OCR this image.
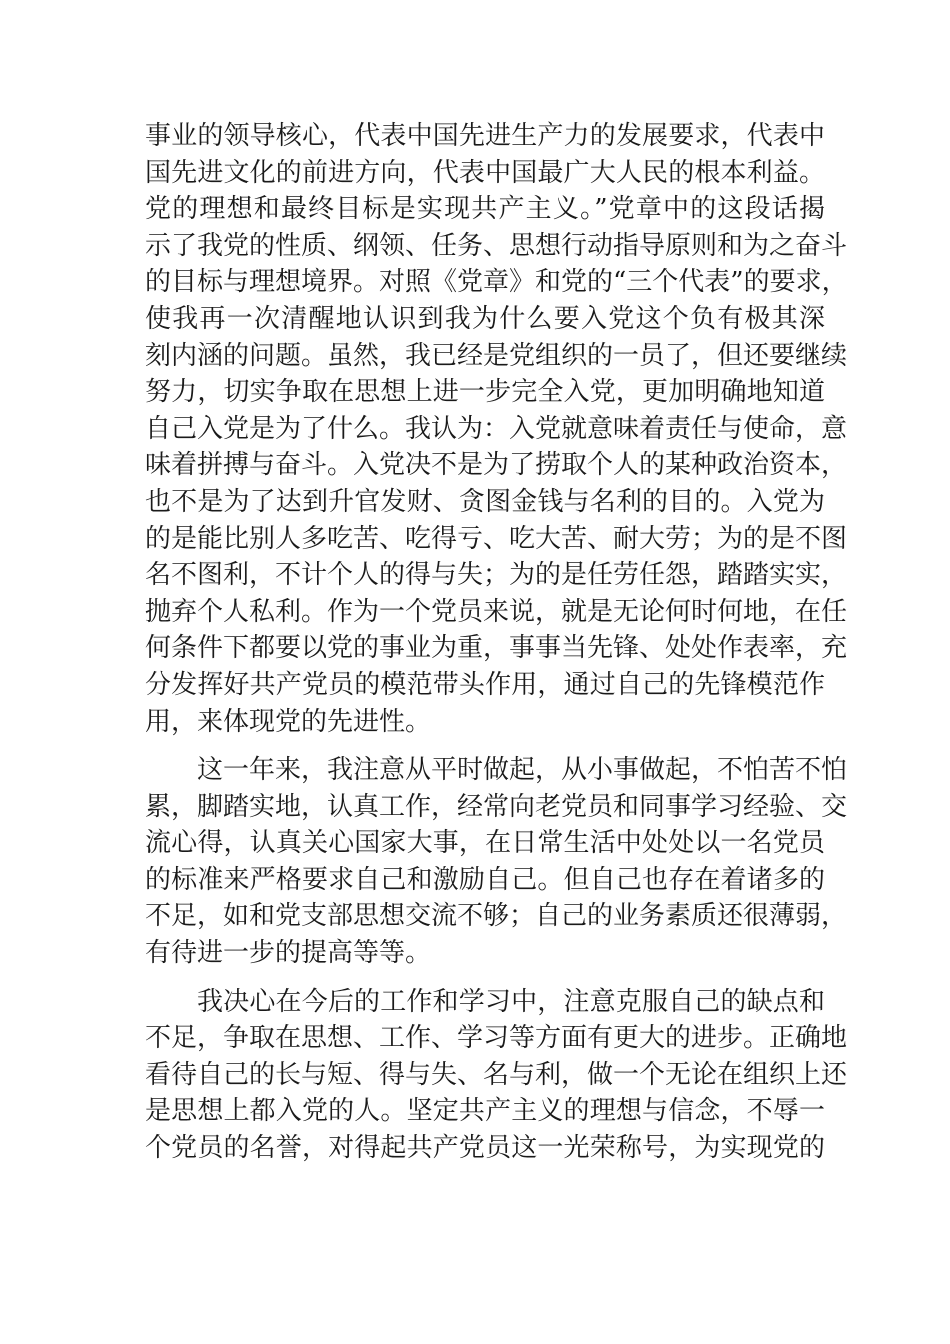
事业的领导核心，代表中国先进生产力的发展要求，代表中
国先进文化的前进方向，代表中国最广大人民的根本利益。
党的理想和最终目标是实现共产主义。”党章中的这段话揭
示了我党的性质、纲领、任务、思想行动指导原则和为之奋斗
的目标与理想境界。对照《党章》和党的“三个代表”的要求，
使我再一次清醒地认识到我为什么要入党这个负有极其深
刻内涵的问题。虽然，我已经是党组织的一员了，但还要继续
努力，切实争取在思想上进一步完全入党，更加明确地知道
自己入党是为了什么。我认为：入党就意味着责任与使命，意
味着拼搏与奋斗。入党决不是为了捞取个人的某种政治资本，
也不是为了达到升官发财、贪图金钱与名利的目的。入党为
的是能比别人多吃苦、吃得亏、吃大苦、耐大劳；为的是不图
名不图利，不计个人的得与失；为的是任劳任怨，踏踏实实，
抛弃个人私利。作为一个党员来说，就是无论何时何地，在任
何条件下都要以党的事业为重，事事当先锋、处处作表率，充
分发挥好共产党员的模范带头作用，通过自己的先锋模范作
用，来体现党的先进性。
这一年来，我注意从平时做起，从小事做起，不怕苦不怕
累，脚踏实地，认真工作，经常向老党员和同事学习经验、交
流心得，认真关心国家大事，在日常生活中处处以一名党员
的标准来严格要求自己和激励自己。但自己也存在着诸多的
不足，如和党支部思想交流不够；自己的业务素质还很薄弱，
有待进一步的提高等等。
我决心在今后的工作和学习中，注意克服自己的缺点和
不足，争取在思想、工作、学习等方面有更大的进步。正确地
看待自己的长与短、得与失、名与利，做一个无论在组织上还
是思想上都入党的人。坚定共产主义的理想与信念，不辱一
个党员的名誉，对得起共产党员这一光荣称号，为实现党的
